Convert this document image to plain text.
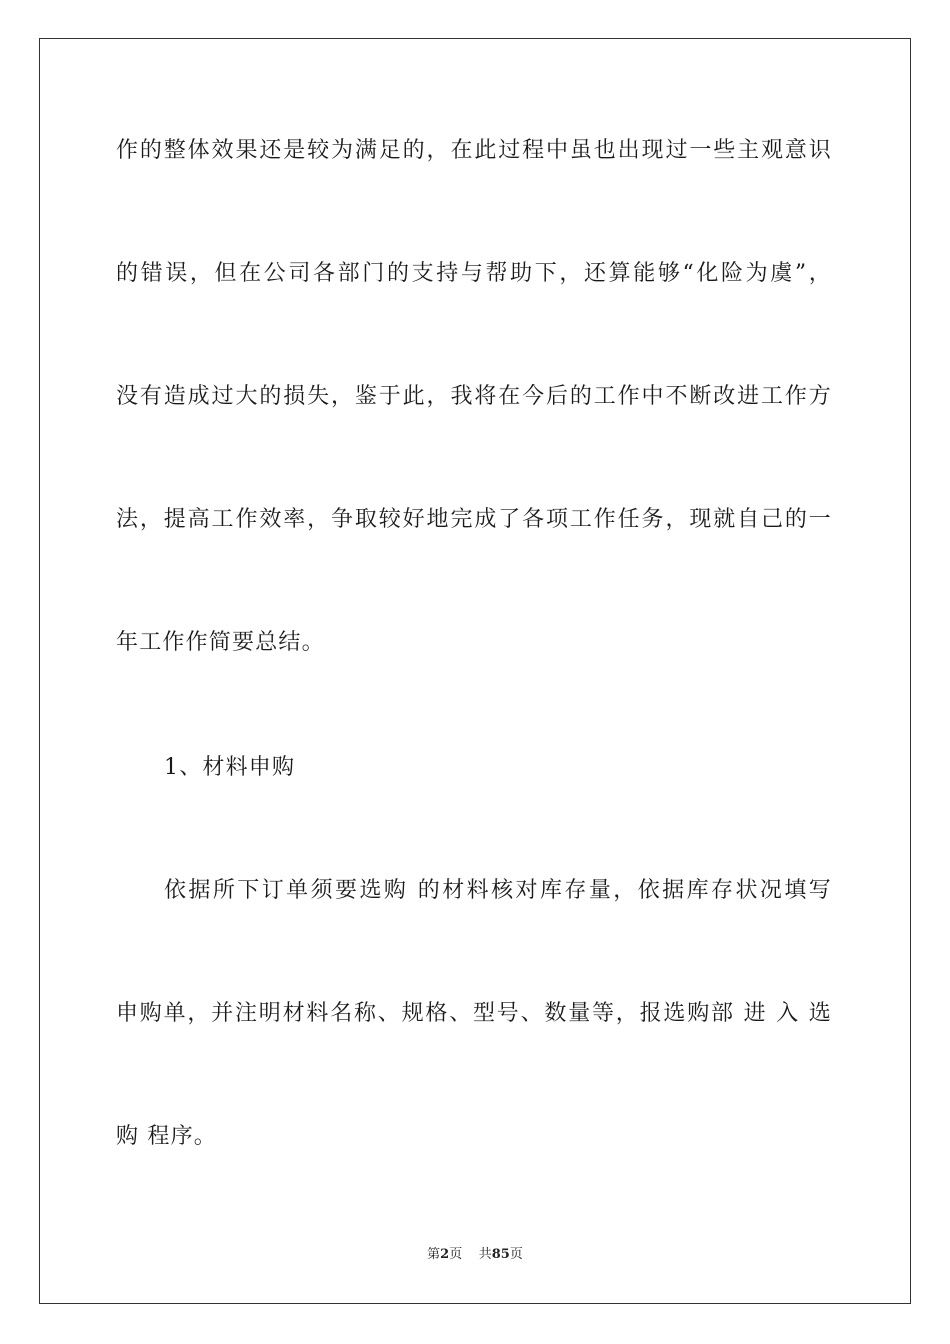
作的整体效果还是较为满足的，在此过程中虽也出现过一些主观意识
的错误，但在公司各部门的支持与帮助下，还算能够“化险为虞”，
没有造成过大的损失，鉴于此，我将在今后的工作中不断改进工作方
法，提高工作效率，争取较好地完成了各项工作任务，现就自己的一
年工作作简要总结。
1、材料申购
依据所下订单须要选购 的材料核对库存量，依据库存状况填写
申购单，并注明材料名称、规格、型号、数量等，报选购部 进 入 选
购 程序。
第2页 共85页
